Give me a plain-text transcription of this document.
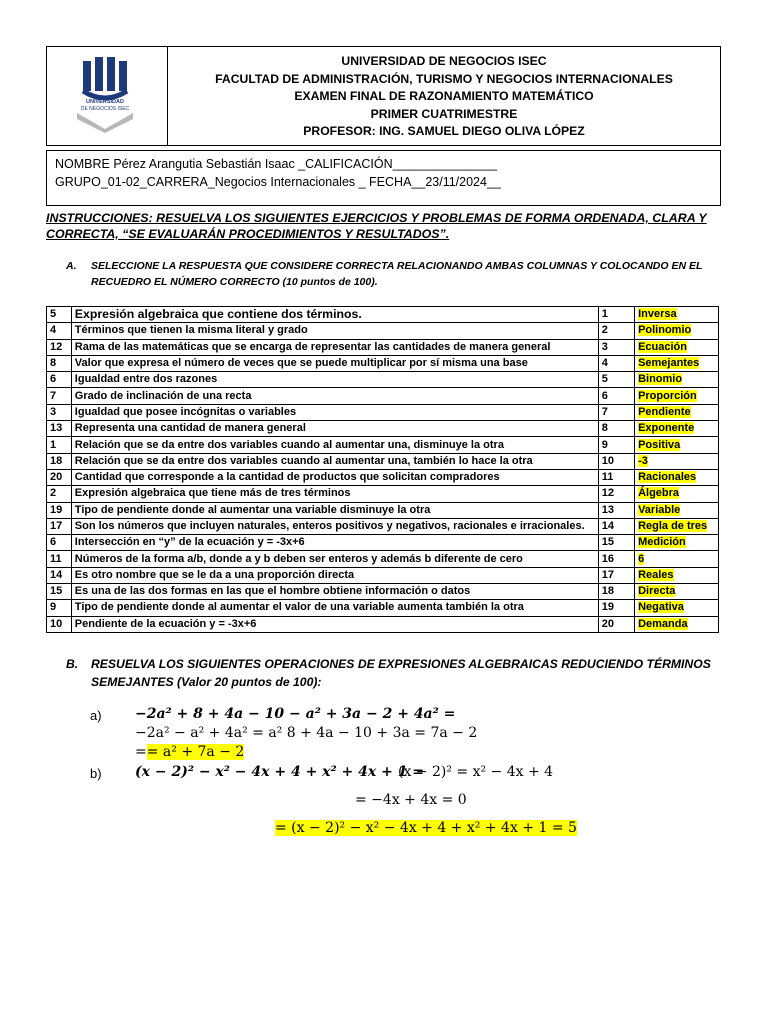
UNIVERSIDAD
DE NEGOCIOS ISEC
UNIVERSIDAD DE NEGOCIOS ISEC
FACULTAD DE ADMINISTRACIÓN, TURISMO Y NEGOCIOS INTERNACIONALES
EXAMEN FINAL DE RAZONAMIENTO MATEMÁTICO
PRIMER CUATRIMESTRE
PROFESOR: ING. SAMUEL DIEGO OLIVA LÓPEZ
NOMBRE Pérez Arangutia Sebastián Isaac _CALIFICACIÓN_______________
GRUPO_01-02_CARRERA_Negocios Internacionales _ FECHA__23/11/2024__
INSTRUCCIONES: RESUELVA LOS SIGUIENTES EJERCICIOS Y PROBLEMAS DE FORMA ORDENADA, CLARA Y CORRECTA, “SE EVALUARÁN PROCEDIMIENTOS Y RESULTADOS”.
A. SELECCIONE LA RESPUESTA QUE CONSIDERE CORRECTA RELACIONANDO AMBAS COLUMNAS Y COLOCANDO EN EL RECUEDRO EL NÚMERO CORRECTO (10 puntos de 100).
5	Expresión algebraica que contiene dos términos.	1	Inversa
4	Términos que tienen la misma literal y grado	2	Polinomio
12	Rama de las matemáticas que se encarga de representar las cantidades de manera general	3	Ecuación
8	Valor que expresa el número de veces que se puede multiplicar por sí misma una base	4	Semejantes
6	Igualdad entre dos razones	5	Binomio
7	Grado de inclinación de una recta	6	Proporción
3	Igualdad que posee incógnitas o variables	7	Pendiente
13	Representa una cantidad de manera general	8	Exponente
1	Relación que se da entre dos variables cuando al aumentar una, disminuye la otra	9	Positiva
18	Relación que se da entre dos variables cuando al aumentar una, también lo hace la otra	10	-3
20	Cantidad que corresponde a la cantidad de productos que solicitan compradores	11	Racionales
2	Expresión algebraica que tiene más de tres términos	12	Álgebra
19	Tipo de pendiente donde al aumentar una variable disminuye la otra	13	Variable
17	Son los números que incluyen naturales, enteros positivos y negativos, racionales e irracionales.	14	Regla de tres
6	Intersección en “y” de la ecuación y = -3x+6	15	Medición
11	Números de la forma a/b, donde a y b deben ser enteros y además b diferente de cero	16	6
14	Es otro nombre que se le da a una proporción directa	17	Reales
15	Es una de las dos formas en las que el hombre obtiene información o datos	18	Directa
9	Tipo de pendiente donde al aumentar el valor de una variable aumenta también la otra	19	Negativa
10	Pendiente de la ecuación y = -3x+6	20	Demanda
B. RESUELVA LOS SIGUIENTES OPERACIONES DE EXPRESIONES ALGEBRAICAS REDUCIENDO TÉRMINOS SEMEJANTES (Valor 20 puntos de 100):
a) −2a² + 8 + 4a − 10 − a² + 3a − 2 + 4a² =
−2a² − a² + 4a² = a² 8 + 4a − 10 + 3a = 7a − 2
== a² + 7a − 2
b) (x − 2)² − x² − 4x + 4 + x² + 4x + 1 =
(x − 2)² = x² − 4x + 4
= −4x + 4x = 0
= (x − 2)² − x² − 4x + 4 + x² + 4x + 1 = 5
